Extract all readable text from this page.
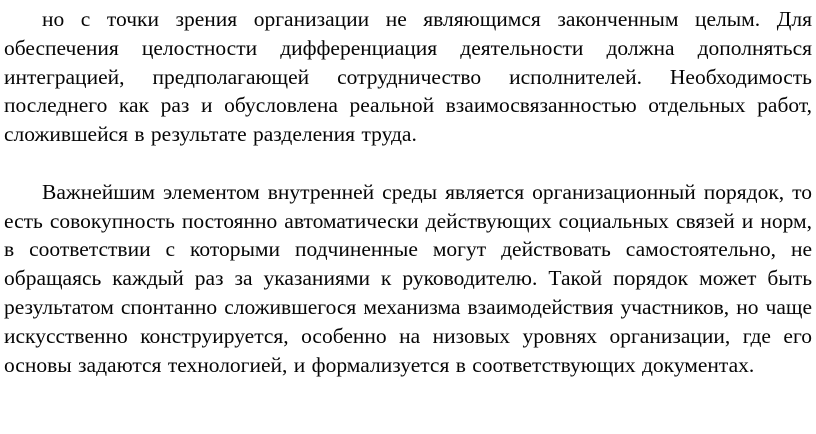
но с точки зрения организации не являющимся законченным целым. Для обеспечения целостности дифференциация деятельности должна дополняться интеграцией, предполагающей сотрудничество исполнителей. Необходимость последнего как раз и обусловлена реальной взаимосвязанностью отдельных работ, сложившейся в результате разделения труда.

Важнейшим элементом внутренней среды является организационный порядок, то есть совокупность постоянно автоматически действующих социальных связей и норм, в соответствии с которыми подчиненные могут действовать самостоятельно, не обращаясь каждый раз за указаниями к руководителю. Такой порядок может быть результатом спонтанно сложившегося механизма взаимодействия участников, но чаще искусственно конструируется, особенно на низовых уровнях организации, где его основы задаются технологией, и формализуется в соответствующих документах.
